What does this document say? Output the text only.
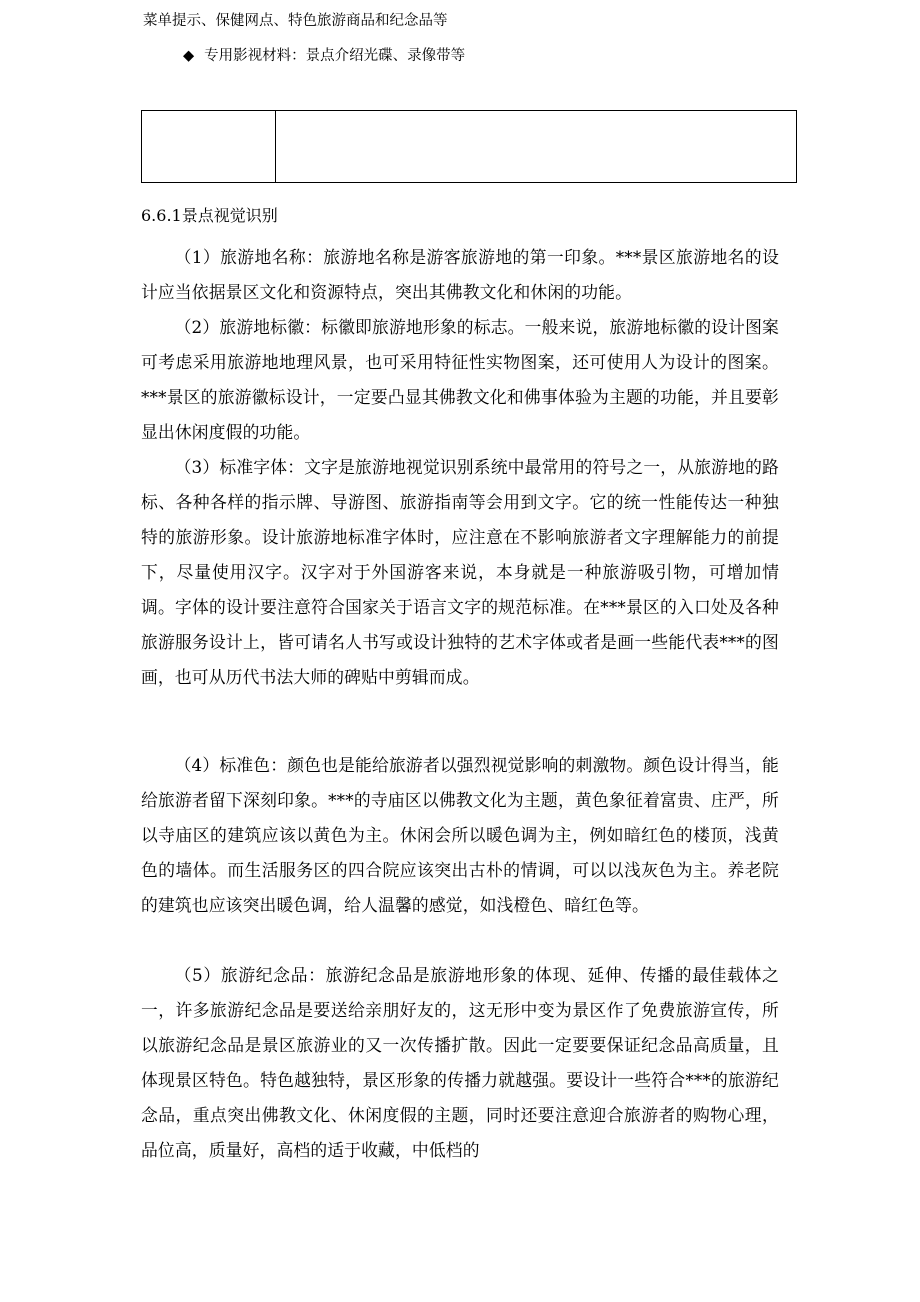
菜单提示、保健网点、特色旅游商品和纪念品等
◆ 专用影视材料：景点介绍光碟、录像带等
6.6.1景点视觉识别

（1）旅游地名称：旅游地名称是游客旅游地的第一印象。***景区旅游地名的设计应当依据景区文化和资源特点，突出其佛教文化和休闲的功能。

（2）旅游地标徽：标徽即旅游地形象的标志。一般来说，旅游地标徽的设计图案可考虑采用旅游地地理风景，也可采用特征性实物图案，还可使用人为设计的图案。***景区的旅游徽标设计，一定要凸显其佛教文化和佛事体验为主题的功能，并且要彰显出休闲度假的功能。

（3）标准字体：文字是旅游地视觉识别系统中最常用的符号之一，从旅游地的路标、各种各样的指示牌、导游图、旅游指南等会用到文字。它的统一性能传达一种独特的旅游形象。设计旅游地标准字体时，应注意在不影响旅游者文字理解能力的前提下，尽量使用汉字。汉字对于外国游客来说，本身就是一种旅游吸引物，可增加情调。字体的设计要注意符合国家关于语言文字的规范标准。在***景区的入口处及各种旅游服务设计上，皆可请名人书写或设计独特的艺术字体或者是画一些能代表***的图画，也可从历代书法大师的碑贴中剪辑而成。

（4）标准色：颜色也是能给旅游者以强烈视觉影响的刺激物。颜色设计得当，能给旅游者留下深刻印象。***的寺庙区以佛教文化为主题，黄色象征着富贵、庄严，所以寺庙区的建筑应该以黄色为主。休闲会所以暖色调为主，例如暗红色的楼顶，浅黄色的墙体。而生活服务区的四合院应该突出古朴的情调，可以以浅灰色为主。养老院的建筑也应该突出暖色调，给人温馨的感觉，如浅橙色、暗红色等。

（5）旅游纪念品：旅游纪念品是旅游地形象的体现、延伸、传播的最佳载体之一，许多旅游纪念品是要送给亲朋好友的，这无形中变为景区作了免费旅游宣传，所以旅游纪念品是景区旅游业的又一次传播扩散。因此一定要要保证纪念品高质量，且体现景区特色。特色越独特，景区形象的传播力就越强。要设计一些符合***的旅游纪念品，重点突出佛教文化、休闲度假的主题，同时还要注意迎合旅游者的购物心理，品位高，质量好，高档的适于收藏，中低档的
